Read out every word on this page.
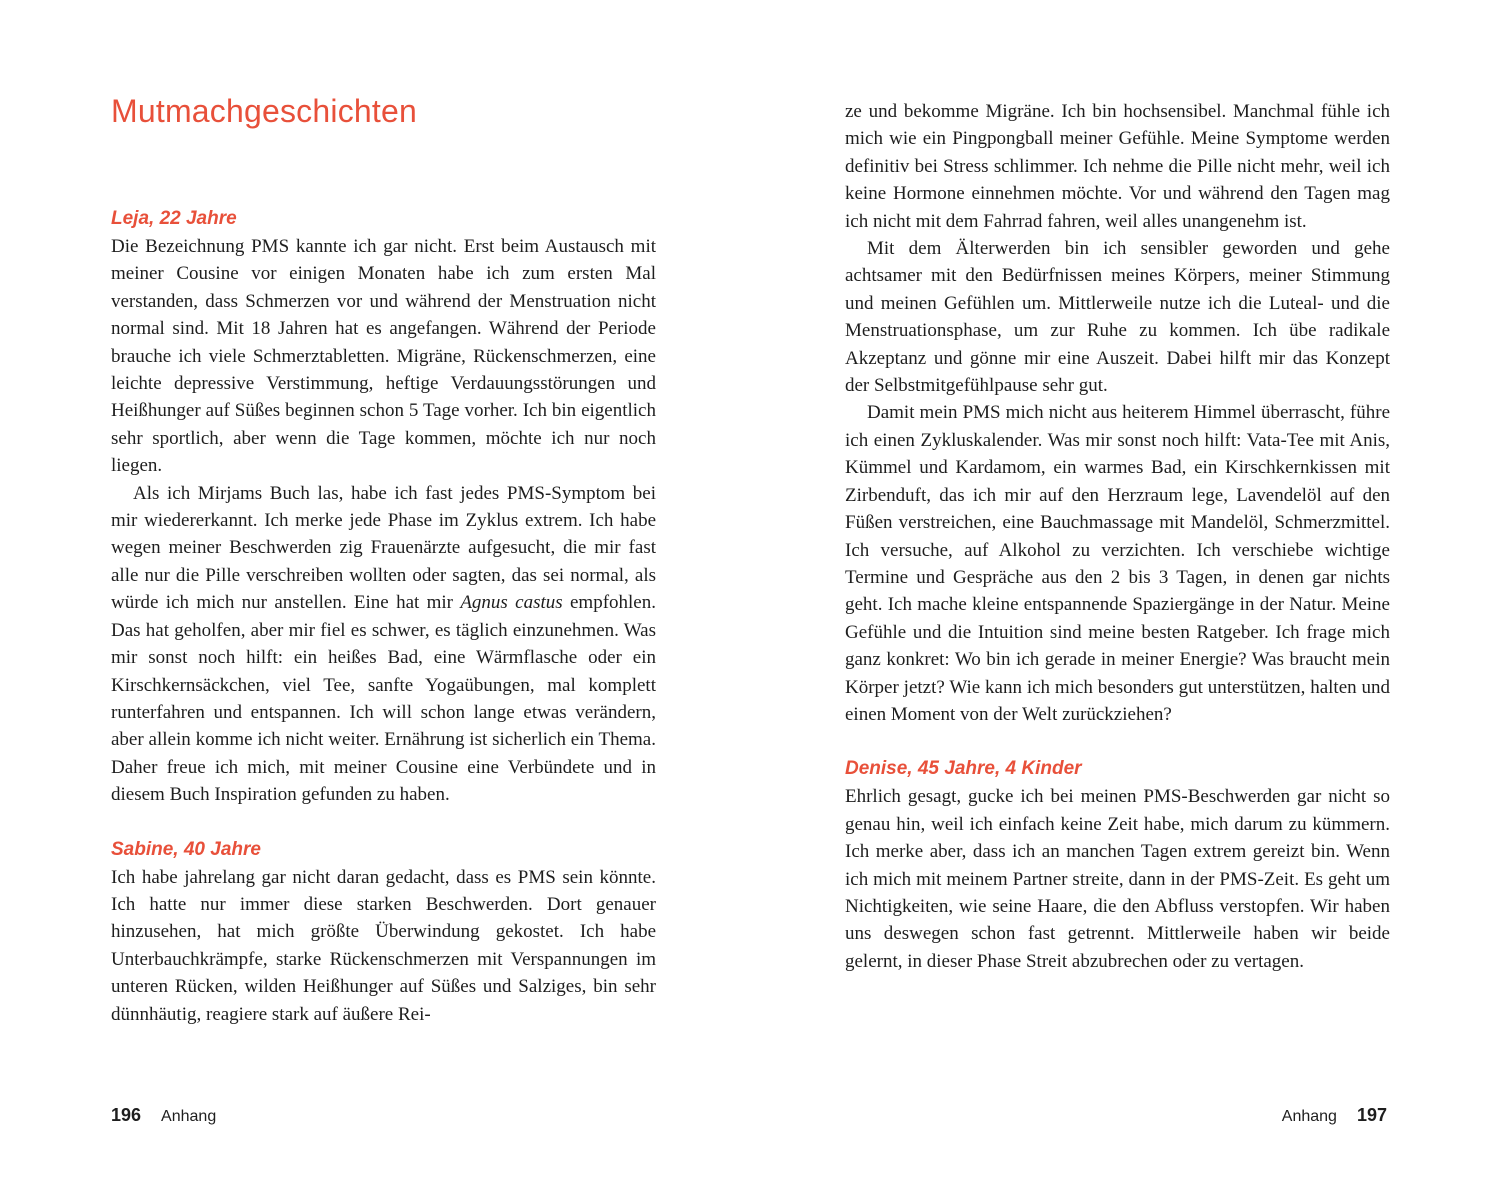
Mutmachgeschichten
Leja, 22 Jahre

Die Bezeichnung PMS kannte ich gar nicht. Erst beim Austausch mit meiner Cousine vor einigen Monaten habe ich zum ersten Mal verstanden, dass Schmerzen vor und während der Menstruation nicht normal sind. Mit 18 Jahren hat es angefangen. Während der Periode brauche ich viele Schmerztabletten. Migräne, Rückenschmerzen, eine leichte depressive Verstimmung, heftige Verdauungsstörungen und Heißhunger auf Süßes beginnen schon 5 Tage vorher. Ich bin eigentlich sehr sportlich, aber wenn die Tage kommen, möchte ich nur noch liegen.

Als ich Mirjams Buch las, habe ich fast jedes PMS-Symptom bei mir wiedererkannt. Ich merke jede Phase im Zyklus extrem. Ich habe wegen meiner Beschwerden zig Frauenärzte aufgesucht, die mir fast alle nur die Pille verschreiben wollten oder sagten, das sei normal, als würde ich mich nur anstellen. Eine hat mir Agnus castus empfohlen. Das hat geholfen, aber mir fiel es schwer, es täglich einzunehmen. Was mir sonst noch hilft: ein heißes Bad, eine Wärmflasche oder ein Kirschkernsäckchen, viel Tee, sanfte Yogaübungen, mal komplett runterfahren und entspannen. Ich will schon lange etwas verändern, aber allein komme ich nicht weiter. Ernährung ist sicherlich ein Thema. Daher freue ich mich, mit meiner Cousine eine Verbündete und in diesem Buch Inspiration gefunden zu haben.

Sabine, 40 Jahre

Ich habe jahrelang gar nicht daran gedacht, dass es PMS sein könnte. Ich hatte nur immer diese starken Beschwerden. Dort genauer hinzusehen, hat mich größte Überwindung gekostet. Ich habe Unterbauchkrämpfe, starke Rückenschmerzen mit Verspannungen im unteren Rücken, wilden Heißhunger auf Süßes und Salziges, bin sehr dünnhäutig, reagiere stark auf äußere Rei-

196 Anhang

ze und bekomme Migräne. Ich bin hochsensibel. Manchmal fühle ich mich wie ein Pingpongball meiner Gefühle. Meine Symptome werden definitiv bei Stress schlimmer. Ich nehme die Pille nicht mehr, weil ich keine Hormone einnehmen möchte. Vor und während den Tagen mag ich nicht mit dem Fahrrad fahren, weil alles unangenehm ist.

Mit dem Älterwerden bin ich sensibler geworden und gehe achtsamer mit den Bedürfnissen meines Körpers, meiner Stimmung und meinen Gefühlen um. Mittlerweile nutze ich die Luteal- und die Menstruationsphase, um zur Ruhe zu kommen. Ich übe radikale Akzeptanz und gönne mir eine Auszeit. Dabei hilft mir das Konzept der Selbstmitgefühlpause sehr gut.

Damit mein PMS mich nicht aus heiterem Himmel überrascht, führe ich einen Zykluskalender. Was mir sonst noch hilft: Vata-Tee mit Anis, Kümmel und Kardamom, ein warmes Bad, ein Kirschkernkissen mit Zirbenduft, das ich mir auf den Herzraum lege, Lavendelöl auf den Füßen verstreichen, eine Bauchmassage mit Mandelöl, Schmerzmittel. Ich versuche, auf Alkohol zu verzichten. Ich verschiebe wichtige Termine und Gespräche aus den 2 bis 3 Tagen, in denen gar nichts geht. Ich mache kleine entspannende Spaziergänge in der Natur. Meine Gefühle und die Intuition sind meine besten Ratgeber. Ich frage mich ganz konkret: Wo bin ich gerade in meiner Energie? Was braucht mein Körper jetzt? Wie kann ich mich besonders gut unterstützen, halten und einen Moment von der Welt zurückziehen?

Denise, 45 Jahre, 4 Kinder

Ehrlich gesagt, gucke ich bei meinen PMS-Beschwerden gar nicht so genau hin, weil ich einfach keine Zeit habe, mich darum zu kümmern. Ich merke aber, dass ich an manchen Tagen extrem gereizt bin. Wenn ich mich mit meinem Partner streite, dann in der PMS-Zeit. Es geht um Nichtigkeiten, wie seine Haare, die den Abfluss verstopfen. Wir haben uns deswegen schon fast getrennt. Mittlerweile haben wir beide gelernt, in dieser Phase Streit abzubrechen oder zu vertagen.

Anhang 197
